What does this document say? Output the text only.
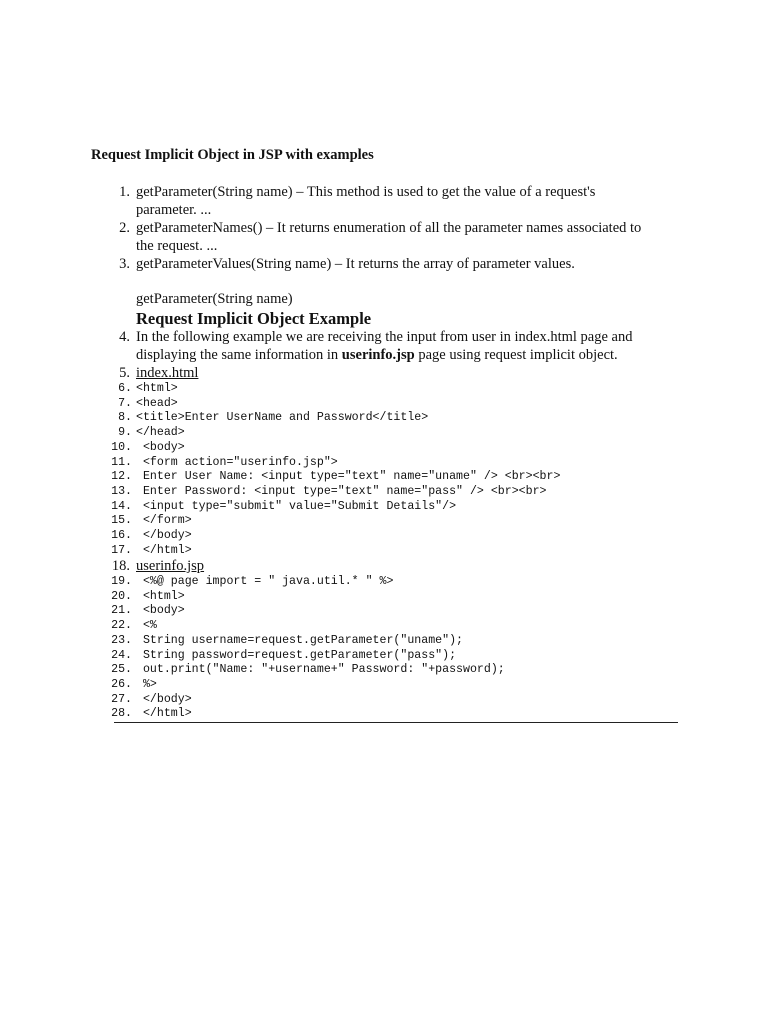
Request Implicit Object in JSP with examples
1. getParameter(String name) – This method is used to get the value of a request's
parameter. ...
2. getParameterNames() – It returns enumeration of all the parameter names associated to
the request. ...
3. getParameterValues(String name) – It returns the array of parameter values.
getParameter(String name)
Request Implicit Object Example
4. In the following example we are receiving the input from user in index.html page and
displaying the same information in userinfo.jsp page using request implicit object.
5. index.html
6. <html>
7. <head>
8. <title>Enter UserName and Password</title>
9. </head>
10. <body>
11. <form action="userinfo.jsp">
12. Enter User Name: <input type="text" name="uname" /> <br><br>
13. Enter Password: <input type="text" name="pass" /> <br><br>
14. <input type="submit" value="Submit Details"/>
15. </form>
16. </body>
17. </html>
18. userinfo.jsp
19. <%@ page import = " java.util.* " %>
20. <html>
21. <body>
22. <%
23. String username=request.getParameter("uname");
24. String password=request.getParameter("pass");
25. out.print("Name: "+username+" Password: "+password);
26. %>
27. </body>
28. </html>
